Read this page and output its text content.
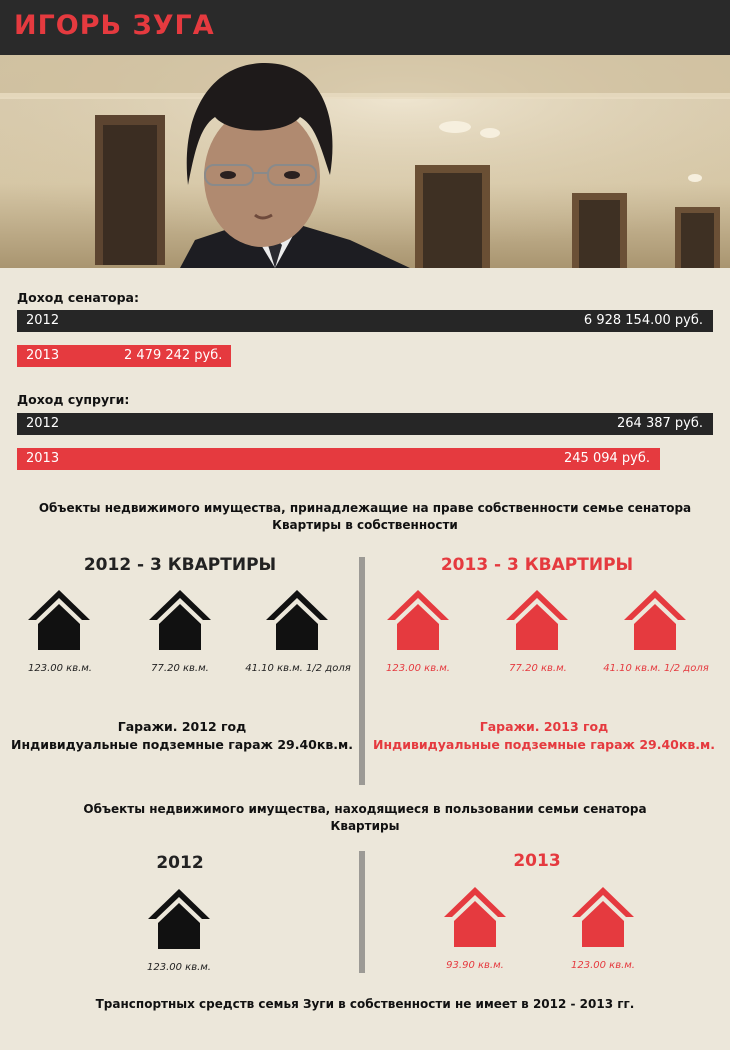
ИГОРЬ ЗУГА
Доход сенатора:
2012	6 928 154.00 руб.
2013	2 479 242 руб.
Доход супруги:
2012	264 387 руб.
2013	245 094 руб.
Объекты недвижимого имущества, принадлежащие на праве собственности семье сенатора
Квартиры в собственности
2012 - 3 КВАРТИРЫ	2013 - 3 КВАРТИРЫ
123.00 кв.м.	77.20 кв.м.	41.10 кв.м. 1/2 доля	123.00 кв.м.	77.20 кв.м.	41.10 кв.м. 1/2 доля
Гаражи. 2012 год
Индивидуальные подземные гараж 29.40кв.м.
Гаражи. 2013 год
Индивидуальные подземные гараж 29.40кв.м.
Объекты недвижимого имущества, находящиеся в пользовании семьи сенатора
Квартиры
2012	2013
123.00 кв.м.	93.90 кв.м.	123.00 кв.м.
Транспортных средств семья Зуги в собственности не имеет в 2012 - 2013 гг.
